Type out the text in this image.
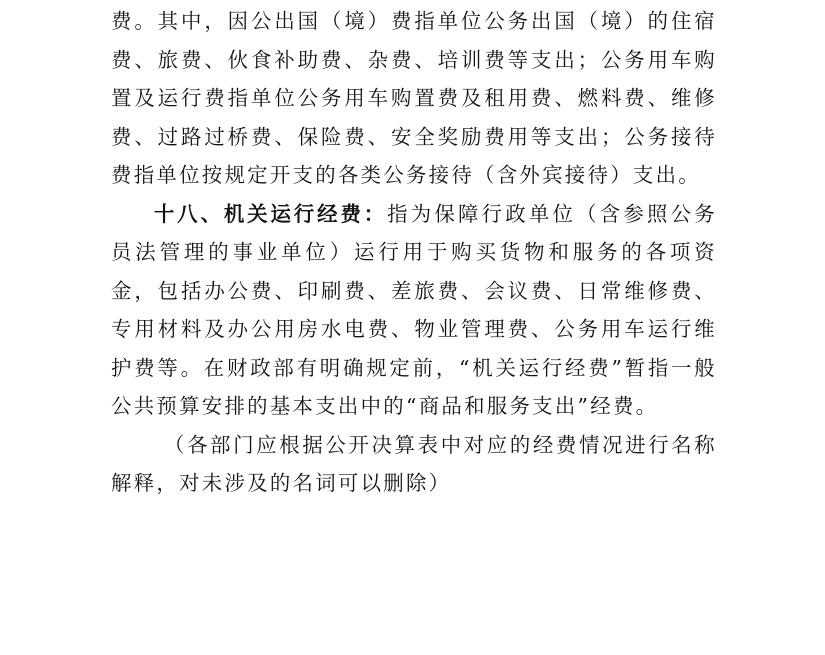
费。其中，因公出国（境）费指单位公务出国（境）的住宿费、旅费、伙食补助费、杂费、培训费等支出；公务用车购置及运行费指单位公务用车购置费及租用费、燃料费、维修费、过路过桥费、保险费、安全奖励费用等支出；公务接待费指单位按规定开支的各类公务接待（含外宾接待）支出。

十八、机关运行经费：指为保障行政单位（含参照公务员法管理的事业单位）运行用于购买货物和服务的各项资金，包括办公费、印刷费、差旅费、会议费、日常维修费、专用材料及办公用房水电费、物业管理费、公务用车运行维护费等。在财政部有明确规定前，“机关运行经费”暂指一般公共预算安排的基本支出中的“商品和服务支出”经费。

（各部门应根据公开决算表中对应的经费情况进行名称解释，对未涉及的名词可以删除）
